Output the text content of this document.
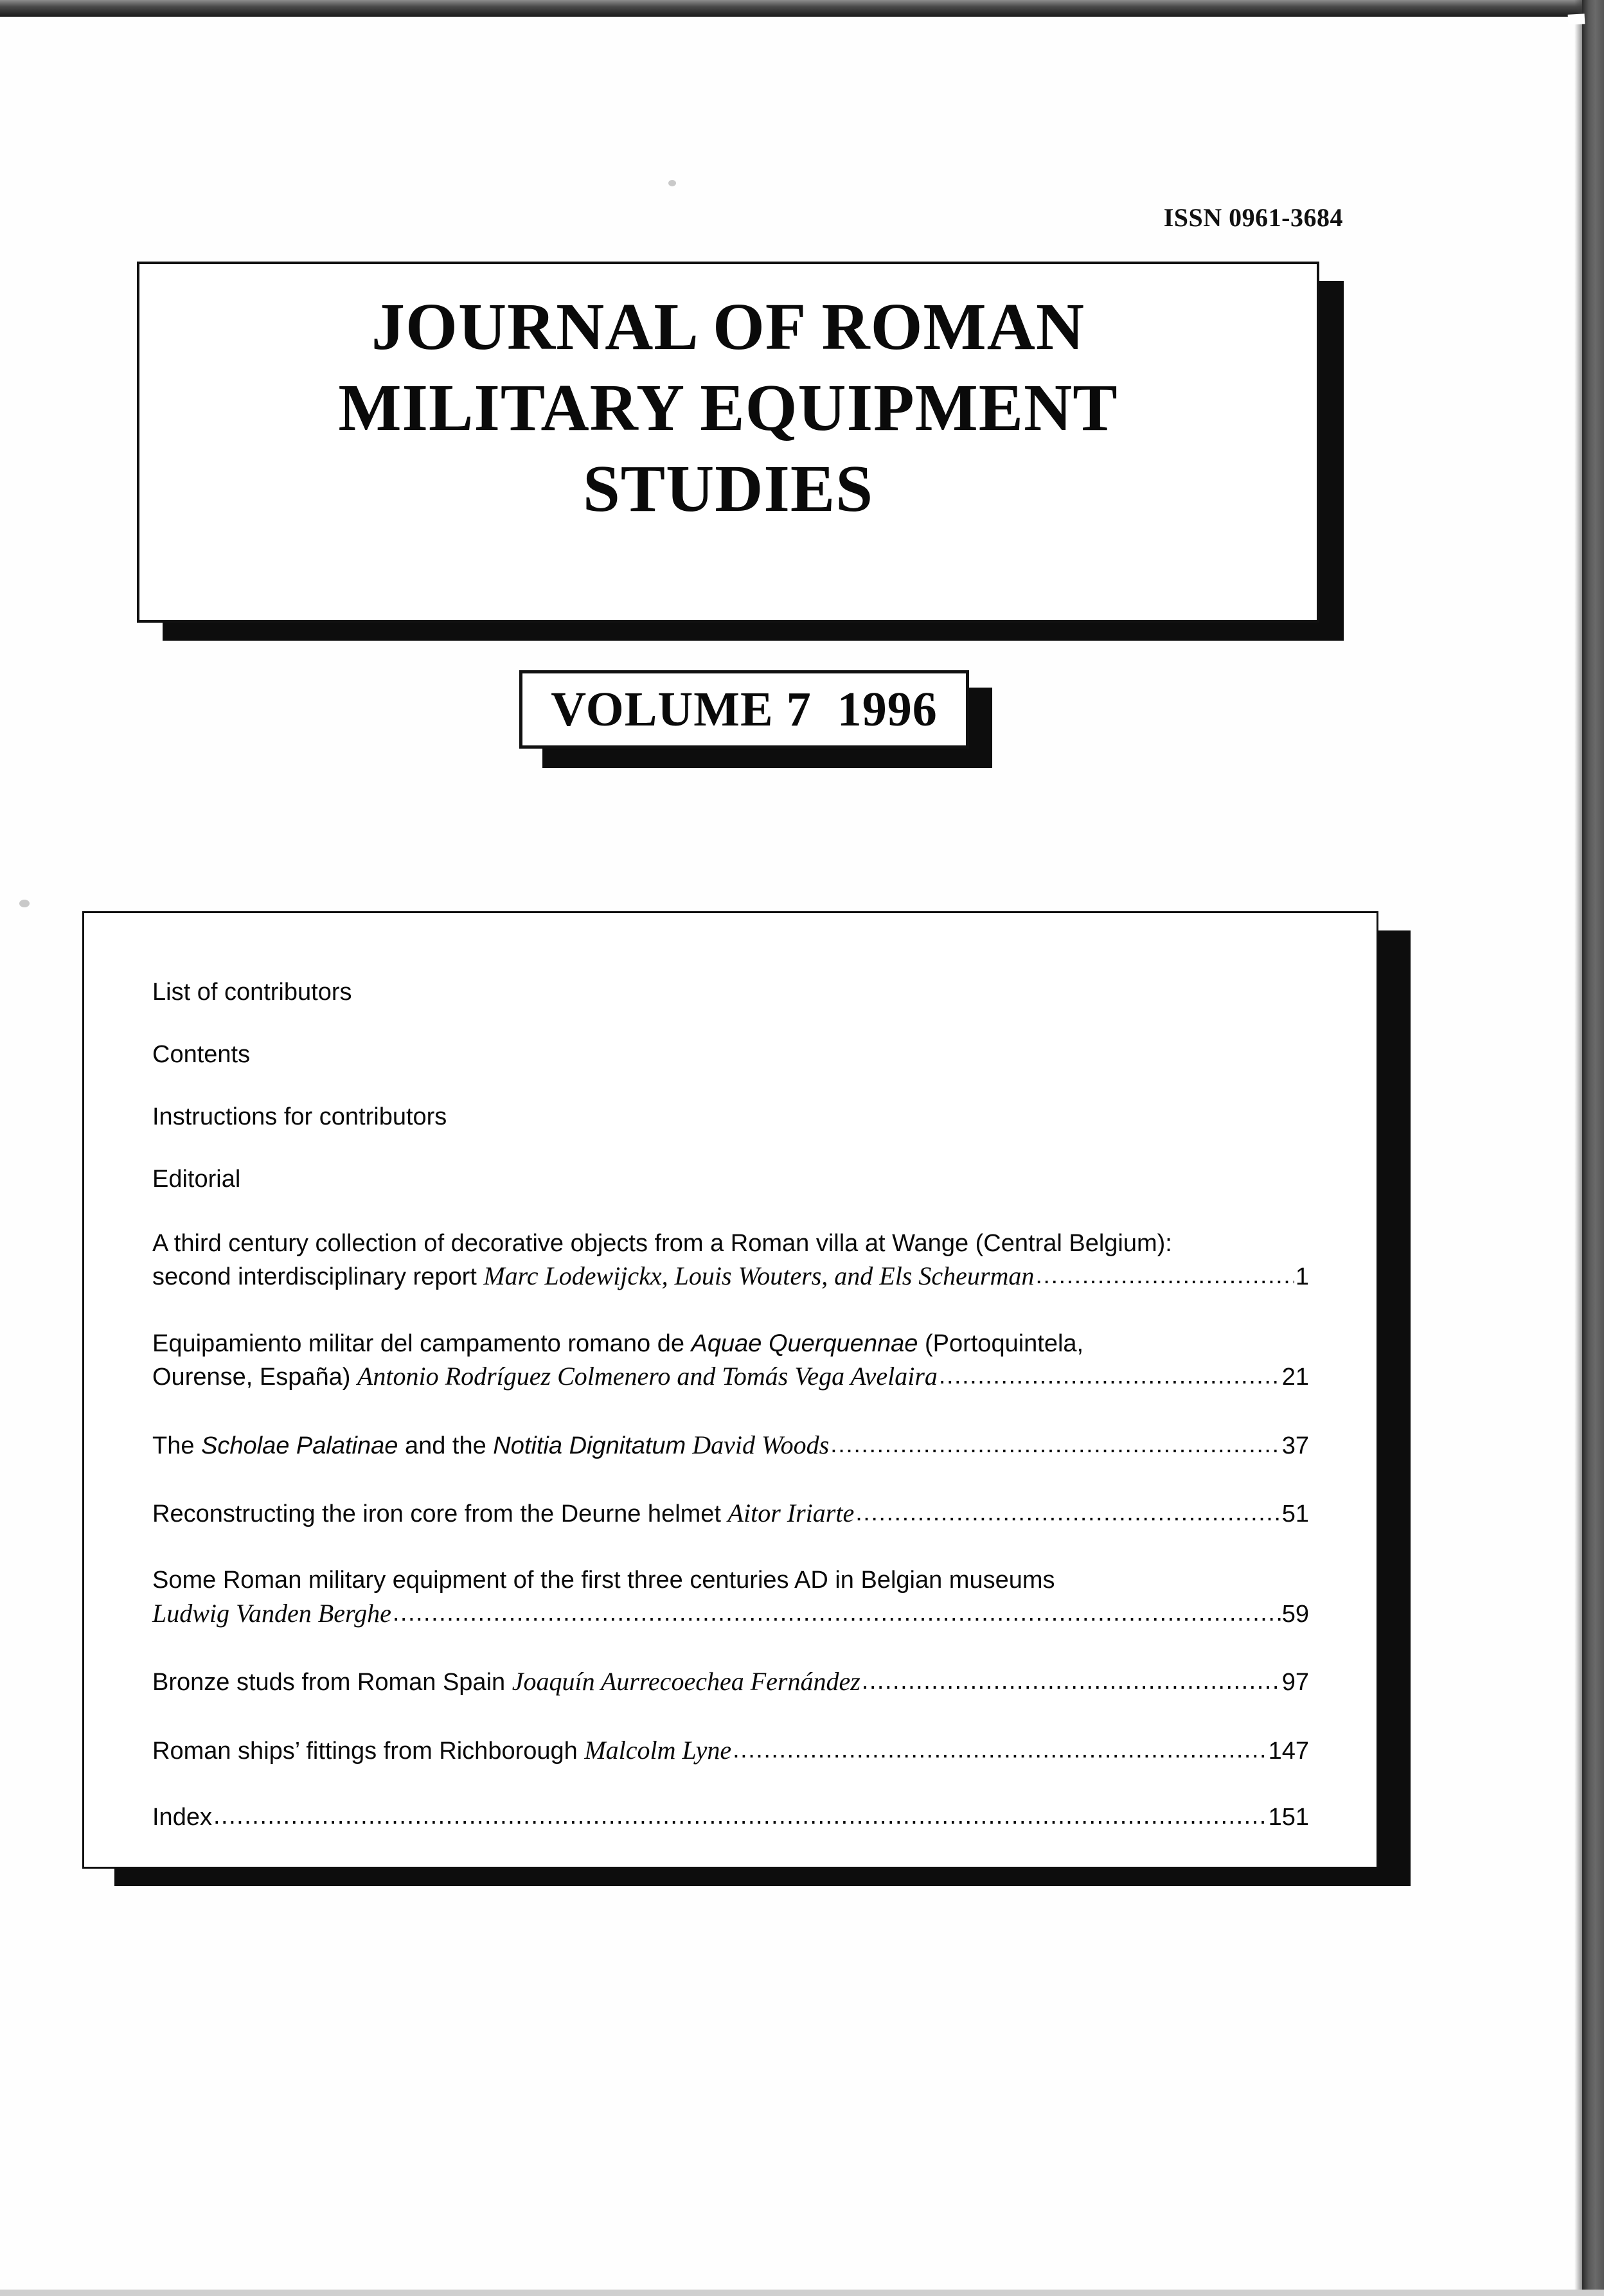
ISSN 0961-3684
JOURNAL OF ROMAN
MILITARY EQUIPMENT
STUDIES
VOLUME 7  1996
List of contributors
Contents
Instructions for contributors
Editorial
A third century collection of decorative objects from a Roman villa at Wange (Central Belgium):
second interdisciplinary report Marc Lodewijckx, Louis Wouters, and Els Scheurman .....	1
Equipamiento militar del campamento romano de Aquae Querquennae (Portoquintela,
Ourense, España) Antonio Rodríguez Colmenero and Tomás Vega Avelaira .....	21
The Scholae Palatinae and the Notitia Dignitatum David Woods .....	37
Reconstructing the iron core from the Deurne helmet Aitor Iriarte .....	51
Some Roman military equipment of the first three centuries AD in Belgian museums
Ludwig Vanden Berghe .....	59
Bronze studs from Roman Spain Joaquín Aurrecoechea Fernández .....	97
Roman ships’ fittings from Richborough Malcolm Lyne .....	147
Index .....	151
